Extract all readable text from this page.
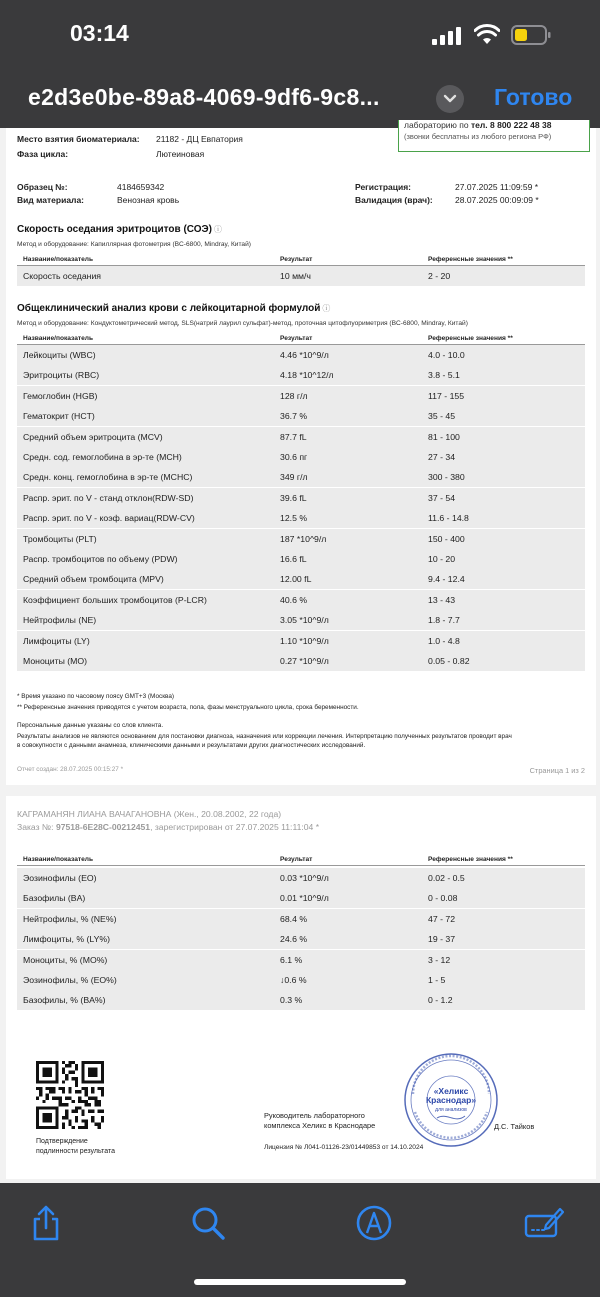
03:14
e2d3e0be-89a8-4069-9df6-9c8...	Готово
Место взятия биоматериала: 21182 - ДЦ Евпатория
Фаза цикла:	Лютеиновая
лабораторию по тел. 8 800 222 48 38
(звонки бесплатны из любого региона РФ)
Образец №:	4184659342
Вид материала:	Венозная кровь
Регистрация:	27.07.2025 11:09:59 *
Валидация (врач):	28.07.2025 00:09:09 *
Скорость оседания эритроцитов (СОЭ) ⓘ
Метод и оборудование: Капиллярная фотометрия (BC-6800, Mindray, Китай)
Название/показатель	Результат	Референсные значения **
Скорость оседания	10 мм/ч	2 - 20
Общеклинический анализ крови с лейкоцитарной формулой ⓘ
Метод и оборудование: Кондуктометрический метод, SLS(натрий лаурил сульфат)-метод, проточная цитофлуориметрия (BC-6800, Mindray, Китай)
Название/показатель	Результат	Референсные значения **
Лейкоциты (WBC)	4.46 *10^9/л	4.0 - 10.0
Эритроциты (RBC)	4.18 *10^12/л	3.8 - 5.1
Гемоглобин (HGB)	128 г/л	117 - 155
Гематокрит (HCT)	36.7 %	35 - 45
Средний объем эритроцита (MCV)	87.7 fL	81 - 100
Средн. сод. гемоглобина в эр-те (MCH)	30.6 пг	27 - 34
Средн. конц. гемоглобина в эр-те (MCHC)	349 г/л	300 - 380
Распр. эрит. по V - станд отклон(RDW-SD)	39.6 fL	37 - 54
Распр. эрит. по V - коэф. вариац(RDW-CV)	12.5 %	11.6 - 14.8
Тромбоциты (PLT)	187 *10^9/л	150 - 400
Распр. тромбоцитов по объему (PDW)	16.6 fL	10 - 20
Средний объем тромбоцита (MPV)	12.00 fL	9.4 - 12.4
Коэффициент больших тромбоцитов (P-LCR)	40.6 %	13 - 43
Нейтрофилы (NE)	3.05 *10^9/л	1.8 - 7.7
Лимфоциты (LY)	1.10 *10^9/л	1.0 - 4.8
Моноциты (MO)	0.27 *10^9/л	0.05 - 0.82
* Время указано по часовому поясу GMT+3 (Москва)
** Референсные значения приводятся с учетом возраста, пола, фазы менструального цикла, срока беременности.
Персональные данные указаны со слов клиента.
Результаты анализов не являются основанием для постановки диагноза, назначения или коррекции лечения. Интерпретацию полученных результатов проводит врач
в совокупности с данными анамнеза, клиническими данными и результатами других диагностических исследований.
Отчет создан: 28.07.2025 00:15:27 *	Страница 1 из 2
КАГРАМАНЯН ЛИАНА ВАЧАГАНОВНА (Жен., 20.08.2002, 22 года)
Заказ №: 97518-6E28C-00212451, зарегистрирован от 27.07.2025 11:11:04 *
Название/показатель	Результат	Референсные значения **
Эозинофилы (EO)	0.03 *10^9/л	0.02 - 0.5
Базофилы (BA)	0.01 *10^9/л	0 - 0.08
Нейтрофилы, % (NE%)	68.4 %	47 - 72
Лимфоциты, % (LY%)	24.6 %	19 - 37
Моноциты, % (MO%)	6.1 %	3 - 12
Эозинофилы, % (EO%)	↓0.6 %	1 - 5
Базофилы, % (BA%)	0.3 %	0 - 1.2
Подтверждение
подлинности результата
«Хеликс
Краснодар»
для анализов
Руководитель лабораторного
комплекса Хеликс в Краснодаре	Д.С. Тайков
Лицензия № Л041-01126-23/01449853 от 14.10.2024
